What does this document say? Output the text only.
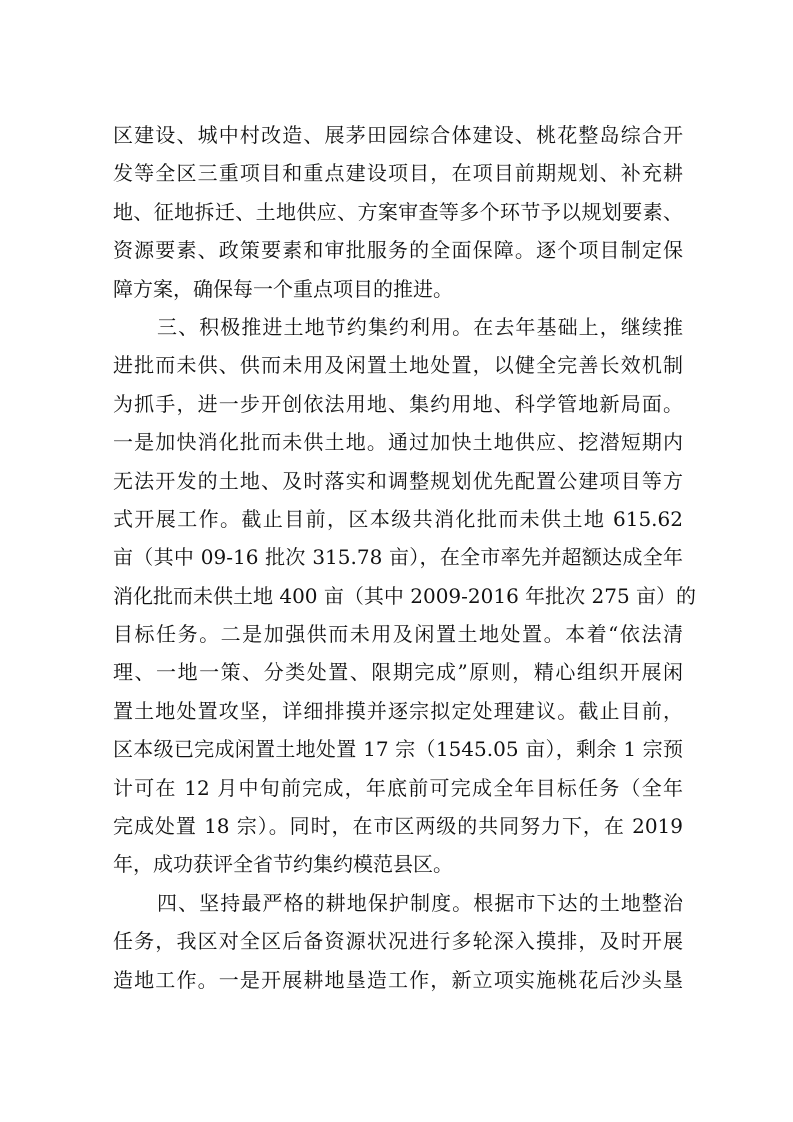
区建设、城中村改造、展茅田园综合体建设、桃花整岛综合开
发等全区三重项目和重点建设项目，在项目前期规划、补充耕
地、征地拆迁、土地供应、方案审查等多个环节予以规划要素、
资源要素、政策要素和审批服务的全面保障。逐个项目制定保
障方案，确保每一个重点项目的推进。
三、积极推进土地节约集约利用。在去年基础上，继续推
进批而未供、供而未用及闲置土地处置，以健全完善长效机制
为抓手，进一步开创依法用地、集约用地、科学管地新局面。
一是加快消化批而未供土地。通过加快土地供应、挖潜短期内
无法开发的土地、及时落实和调整规划优先配置公建项目等方
式开展工作。截止目前，区本级共消化批而未供土地 615.62
亩（其中 09-16 批次 315.78 亩），在全市率先并超额达成全年
消化批而未供土地 400 亩（其中 2009-2016 年批次 275 亩）的
目标任务。二是加强供而未用及闲置土地处置。本着“依法清
理、一地一策、分类处置、限期完成”原则，精心组织开展闲
置土地处置攻坚，详细排摸并逐宗拟定处理建议。截止目前，
区本级已完成闲置土地处置 17 宗（1545.05 亩），剩余 1 宗预
计可在 12 月中旬前完成，年底前可完成全年目标任务（全年
完成处置 18 宗）。同时，在市区两级的共同努力下，在 2019
年，成功获评全省节约集约模范县区。
四、坚持最严格的耕地保护制度。根据市下达的土地整治
任务，我区对全区后备资源状况进行多轮深入摸排，及时开展
造地工作。一是开展耕地垦造工作，新立项实施桃花后沙头垦
